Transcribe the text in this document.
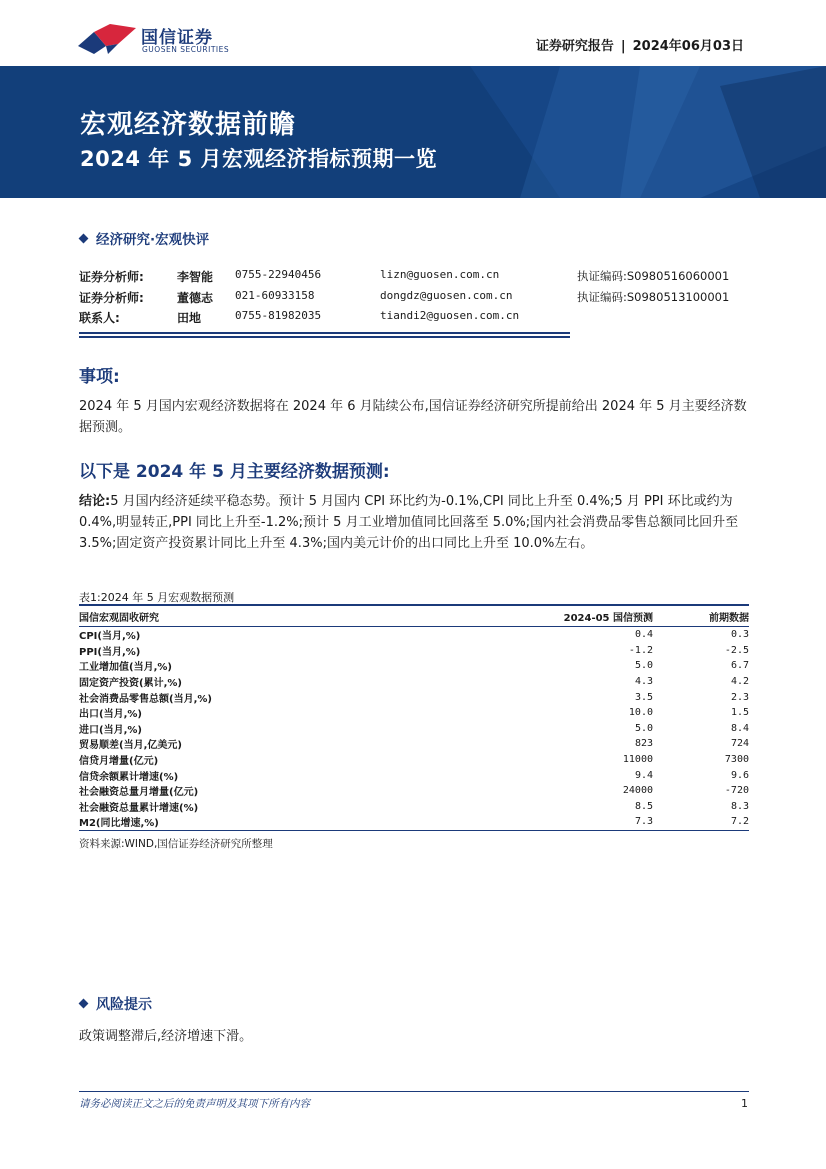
国信证券
GUOSEN SECURITIES	证券研究报告 | 2024年06月03日
宏观经济数据前瞻
2024 年 5 月宏观经济指标预期一览
经济研究·宏观快评
证券分析师:	李智能 0755-22940456	lizn@guosen.com.cn	执证编码:S0980516060001
证券分析师:	董德志 021-60933158	dongdz@guosen.com.cn	执证编码:S0980513100001
联系人:	田地	0755-81982035	tiandi2@guosen.com.cn
事项:
2024 年 5 月国内宏观经济数据将在 2024 年 6 月陆续公布,国信证券经济研究所提前给出 2024 年 5 月主要经济数据预测。
以下是 2024 年 5 月主要经济数据预测:
结论:5 月国内经济延续平稳态势。预计 5 月国内 CPI 环比约为-0.1%,CPI 同比上升至 0.4%;5 月 PPI 环比或约为 0.4%,明显转正,PPI 同比上升至-1.2%;预计 5 月工业增加值同比回落至 5.0%;国内社会消费品零售总额同比回升至 3.5%;固定资产投资累计同比上升至 4.3%;国内美元计价的出口同比上升至 10.0%左右。
表1:2024 年 5 月宏观数据预测
国信宏观固收研究	2024-05 国信预测	前期数据
CPI(当月,%)	0.4	0.3
PPI(当月,%)	-1.2	-2.5
工业增加值(当月,%)	5.0	6.7
固定资产投资(累计,%)	4.3	4.2
社会消费品零售总额(当月,%)	3.5	2.3
出口(当月,%)	10.0	1.5
进口(当月,%)	5.0	8.4
贸易顺差(当月,亿美元)	823	724
信贷月增量(亿元)	11000	7300
信贷余额累计增速(%)	9.4	9.6
社会融资总量月增量(亿元)	24000	-720
社会融资总量累计增速(%)	8.5	8.3
M2(同比增速,%)	7.3	7.2
资料来源:WIND,国信证券经济研究所整理
风险提示
政策调整滞后,经济增速下滑。
请务必阅读正文之后的免责声明及其项下所有内容	1
